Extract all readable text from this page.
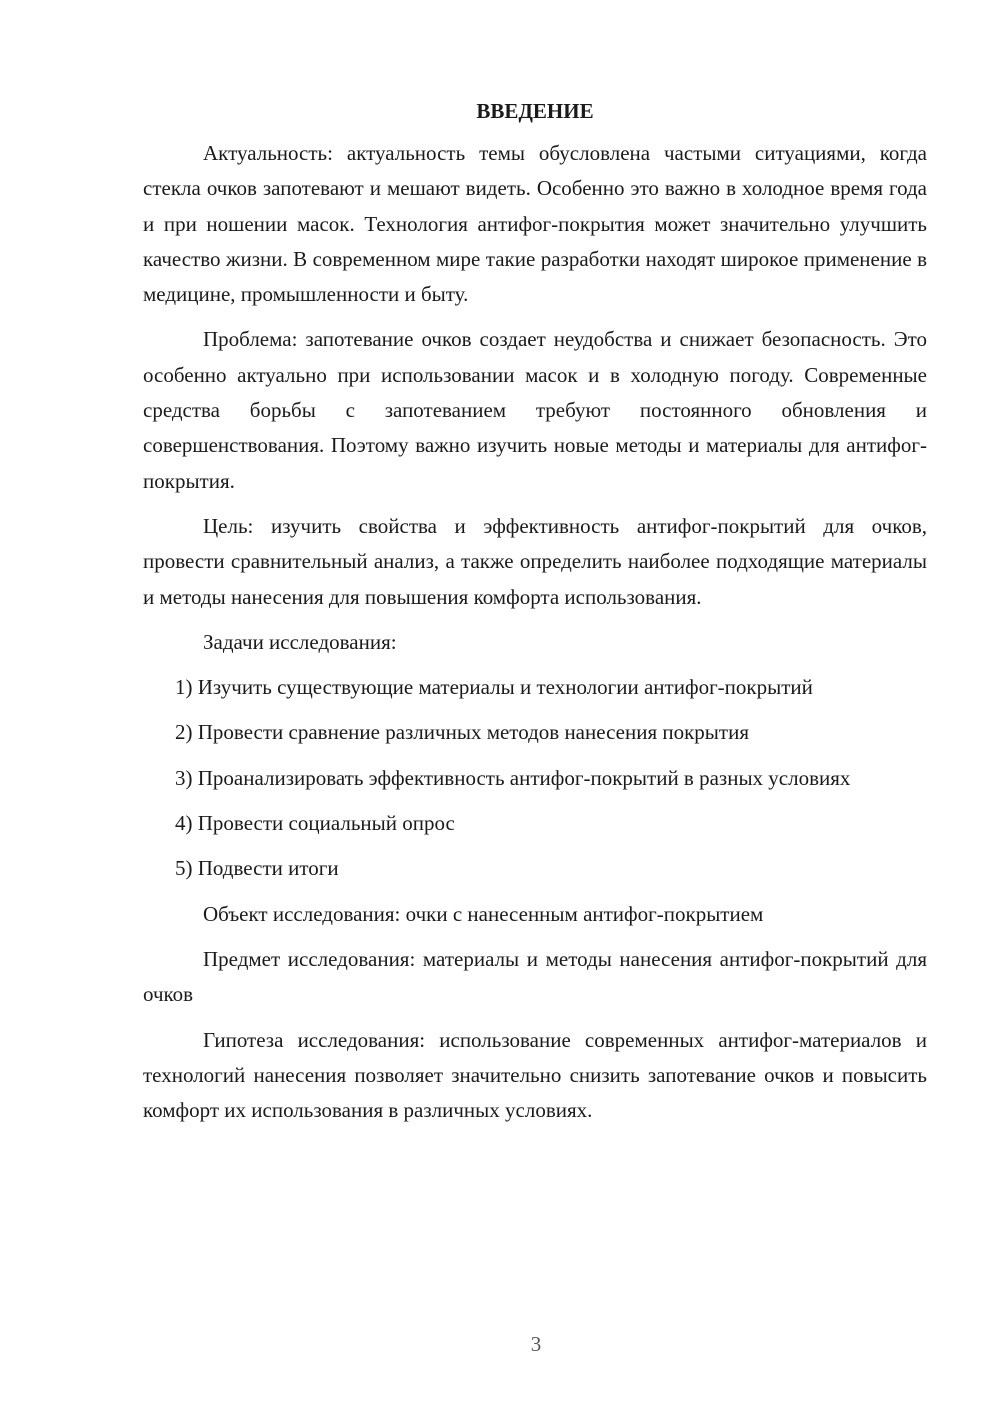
ВВЕДЕНИЕ

Актуальность: актуальность темы обусловлена частыми ситуациями, когда стекла очков запотевают и мешают видеть. Особенно это важно в холодное время года и при ношении масок. Технология антифог-покрытия может значительно улучшить качество жизни. В современном мире такие разработки находят широкое применение в медицине, промышленности и быту.

Проблема: запотевание очков создает неудобства и снижает безопасность. Это особенно актуально при использовании масок и в холодную погоду. Современные средства борьбы с запотеванием требуют постоянного обновления и совершенствования. Поэтому важно изучить новые методы и материалы для антифог-покрытия.

Цель: изучить свойства и эффективность антифог-покрытий для очков, провести сравнительный анализ, а также определить наиболее подходящие материалы и методы нанесения для повышения комфорта использования.

Задачи исследования:

1) Изучить существующие материалы и технологии антифог-покрытий

2) Провести сравнение различных методов нанесения покрытия

3) Проанализировать эффективность антифог-покрытий в разных условиях

4) Провести социальный опрос

5) Подвести итоги

Объект исследования: очки с нанесенным антифог-покрытием

Предмет исследования: материалы и методы нанесения антифог-покрытий для очков

Гипотеза исследования: использование современных антифог-материалов и технологий нанесения позволяет значительно снизить запотевание очков и повысить комфорт их использования в различных условиях.

3
